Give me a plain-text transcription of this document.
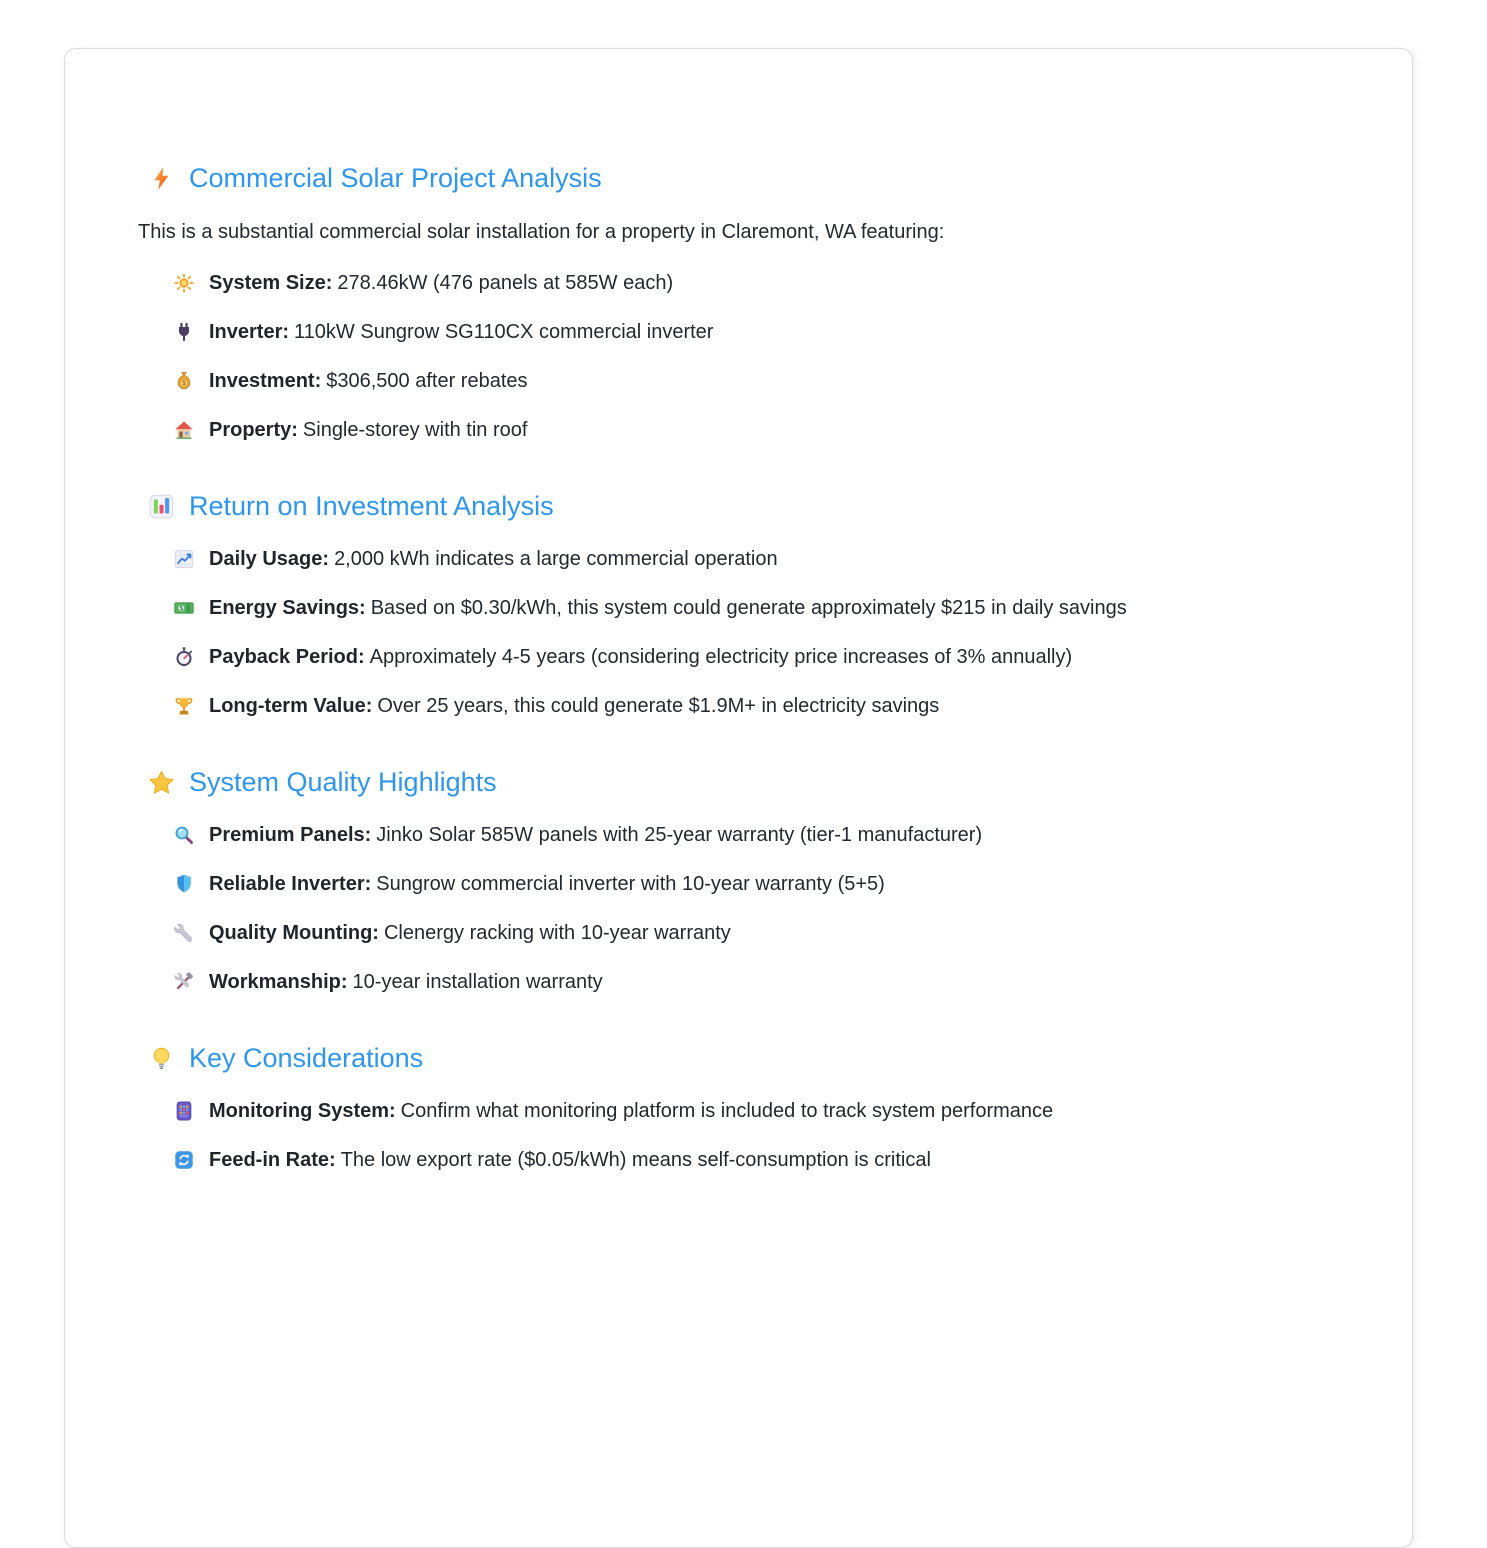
Commercial Solar Project Analysis

This is a substantial commercial solar installation for a property in Claremont, WA featuring:

System Size: 278.46kW (476 panels at 585W each)
Inverter: 110kW Sungrow SG110CX commercial inverter
$ Investment: $306,500 after rebates
Property: Single-storey with tin roof
Return on Investment Analysis
Daily Usage: 2,000 kWh indicates a large commercial operation
$ Energy Savings: Based on $0.30/kWh, this system could generate approximately $215 in daily savings
Payback Period: Approximately 4-5 years (considering electricity price increases of 3% annually)
Long-term Value: Over 25 years, this could generate $1.9M+ in electricity savings
System Quality Highlights
Premium Panels: Jinko Solar 585W panels with 25-year warranty (tier-1 manufacturer)
Reliable Inverter: Sungrow commercial inverter with 10-year warranty (5+5)
Quality Mounting: Clenergy racking with 10-year warranty
Workmanship: 10-year installation warranty
Key Considerations
Monitoring System: Confirm what monitoring platform is included to track system performance
Feed-in Rate: The low export rate ($0.05/kWh) means self-consumption is critical
